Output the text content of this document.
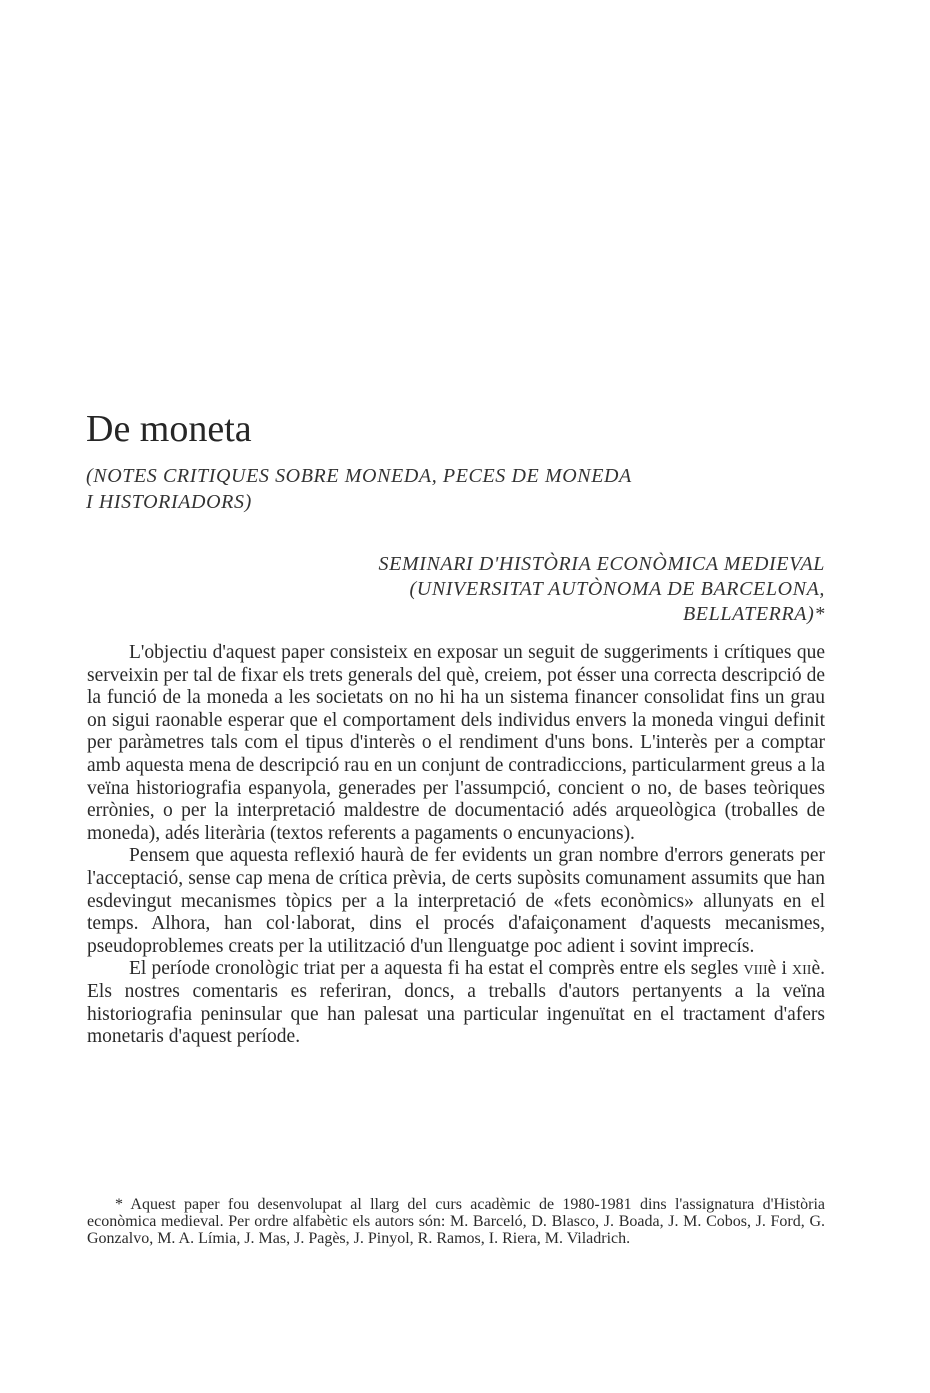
De moneta
(NOTES CRITIQUES SOBRE MONEDA, PECES DE MONEDA
I HISTORIADORS)
SEMINARI D'HISTÒRIA ECONÒMICA MEDIEVAL
(UNIVERSITAT AUTÒNOMA DE BARCELONA,
BELLATERRA)*

L'objectiu d'aquest paper consisteix en exposar un seguit de suggeriments i crítiques que serveixin per tal de fixar els trets generals del què, creiem, pot ésser una correcta descripció de la funció de la moneda a les societats on no hi ha un sistema financer consolidat fins un grau on sigui raonable esperar que el comportament dels individus envers la moneda vingui definit per paràmetres tals com el tipus d'interès o el rendiment d'uns bons. L'interès per a comptar amb aquesta mena de descripció rau en un conjunt de contradiccions, particularment greus a la veïna historiografia espanyola, generades per l'assumpció, concient o no, de bases teòriques errònies, o per la interpretació maldestre de documentació adés arqueològica (troballes de moneda), adés literària (textos referents a pagaments o encunyacions).

Pensem que aquesta reflexió haurà de fer evidents un gran nombre d'errors generats per l'acceptació, sense cap mena de crítica prèvia, de certs supòsits comunament assumits que han esdevingut mecanismes tòpics per a la interpretació de «fets econòmics» allunyats en el temps. Alhora, han col·laborat, dins el procés d'afaiçonament d'aquests mecanismes, pseudoproblemes creats per la utilització d'un llenguatge poc adient i sovint imprecís.

El període cronològic triat per a aquesta fi ha estat el comprès entre els segles viiiè i xiiè. Els nostres comentaris es referiran, doncs, a treballs d'autors pertanyents a la veïna historiografia peninsular que han palesat una particular ingenuïtat en el tractament d'afers monetaris d'aquest període.

* Aquest paper fou desenvolupat al llarg del curs acadèmic de 1980-1981 dins l'assignatura d'Història econòmica medieval. Per ordre alfabètic els autors són: M. Barceló, D. Blasco, J. Boada, J. M. Cobos, J. Ford, G. Gonzalvo, M. A. Límia, J. Mas, J. Pagès, J. Pinyol, R. Ramos, I. Riera, M. Viladrich.
